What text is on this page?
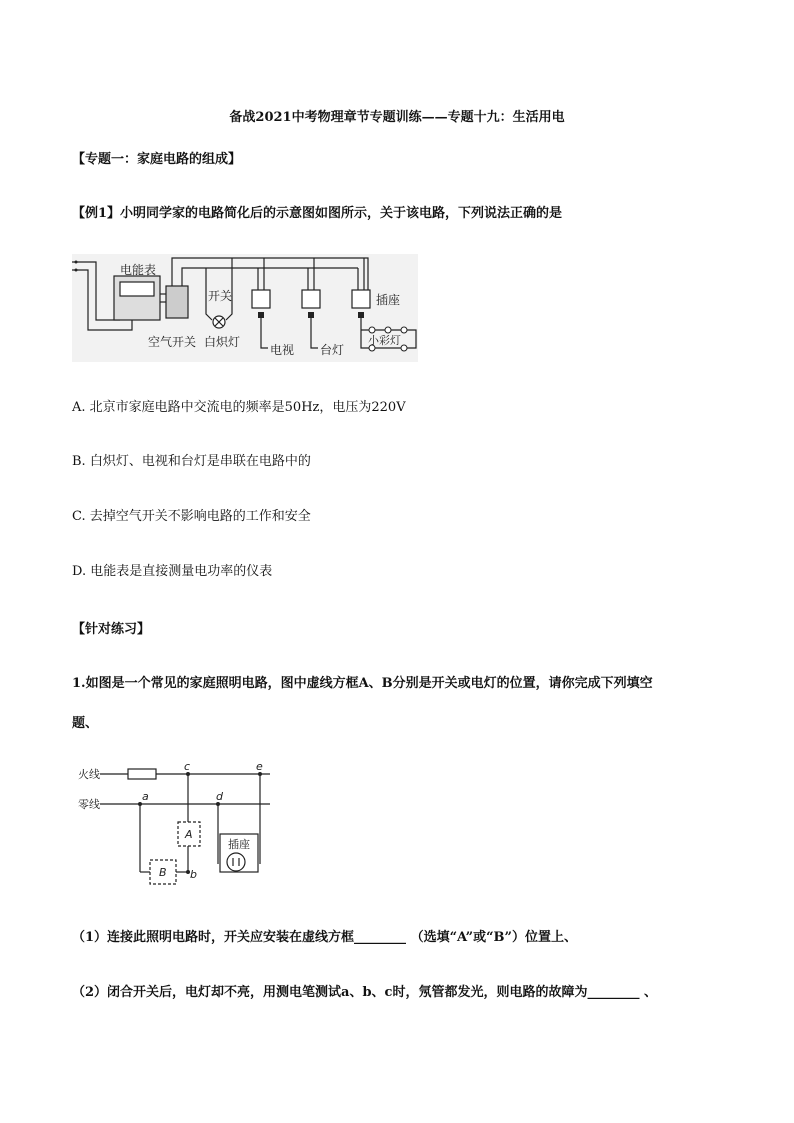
备战2021中考物理章节专题训练——专题十九：生活用电
【专题一：家庭电路的组成】
【例1】小明同学家的电路简化后的示意图如图所示，关于该电路，下列说法正确的是
电能表
开关
空气开关 白炽灯
电视 台灯
插座
小彩灯
A. 北京市家庭电路中交流电的频率是50Hz，电压为220V
B. 白炽灯、电视和台灯是串联在电路中的
C. 去掉空气开关不影响电路的工作和安全
D. 电能表是直接测量电功率的仪表
【针对练习】
1.如图是一个常见的家庭照明电路，图中虚线方框A、B分别是开关或电灯的位置，请你完成下列填空
题、
火线
零线
a
b
c
d
e
A
B
插座
（1）连接此照明电路时，开关应安装在虚线方框________ （选填“A”或“B”）位置上、
（2）闭合开关后，电灯却不亮，用测电笔测试a、b、c时，氖管都发光，则电路的故障为________ 、
